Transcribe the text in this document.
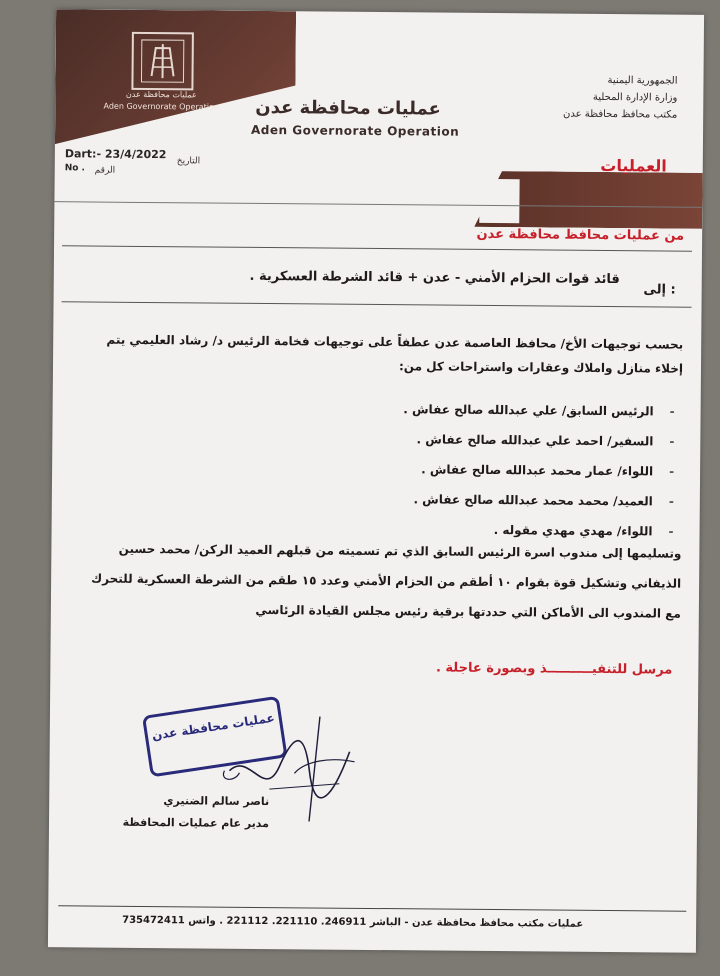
عمليات محافظة عدن
Aden Governorate Operation	عمليات محافظة عدن
Aden Governorate Operation
الجمهورية اليمنية
وزارة الإدارة المحلية
مكتب محافظ محافظة عدن
العمليات
Dart:- 23/4/2022
التاريخ
No . الرقم
من عمليات محافظ محافظة عدن
قائد قوات الحزام الأمني - عدن + قائد الشرطة العسكرية .
إلى :
بحسب توجيهات الأخ/ محافظ العاصمة عدن عطفاً على توجيهات فخامة الرئيس د/ رشاد العليمي يتم إخلاء منازل واملاك وعقارات واستراحات كل من:
-الرئيس السابق/ علي عبدالله صالح عفاش .
-السفير/ احمد علي عبدالله صالح عفاش .
-اللواء/ عمار محمد عبدالله صالح عفاش .
-العميد/ محمد محمد عبدالله صالح عفاش .
-اللواء/ مهدي مهدي مقوله .
وتسليمها إلى مندوب اسرة الرئيس السابق الذي تم تسميته من قبلهم العميد الركن/ محمد حسين الذيفاني وتشكيل قوة بقوام ١٠ أطقم من الحزام الأمني وعدد ١٥ طقم من الشرطة العسكرية للتحرك مع المندوب الى الأماكن التي حددتها برقية رئيس مجلس القيادة الرئاسي
مرسل للتنفيــــــــــذ وبصورة عاجلة .
عمليات محافظة عدن
ناصر سالم الضنيري
مدير عام عمليات المحافظة
عمليات مكتب محافظ محافظة عدن - الباشر 246911. 221110. 221112 . واتس 735472411
